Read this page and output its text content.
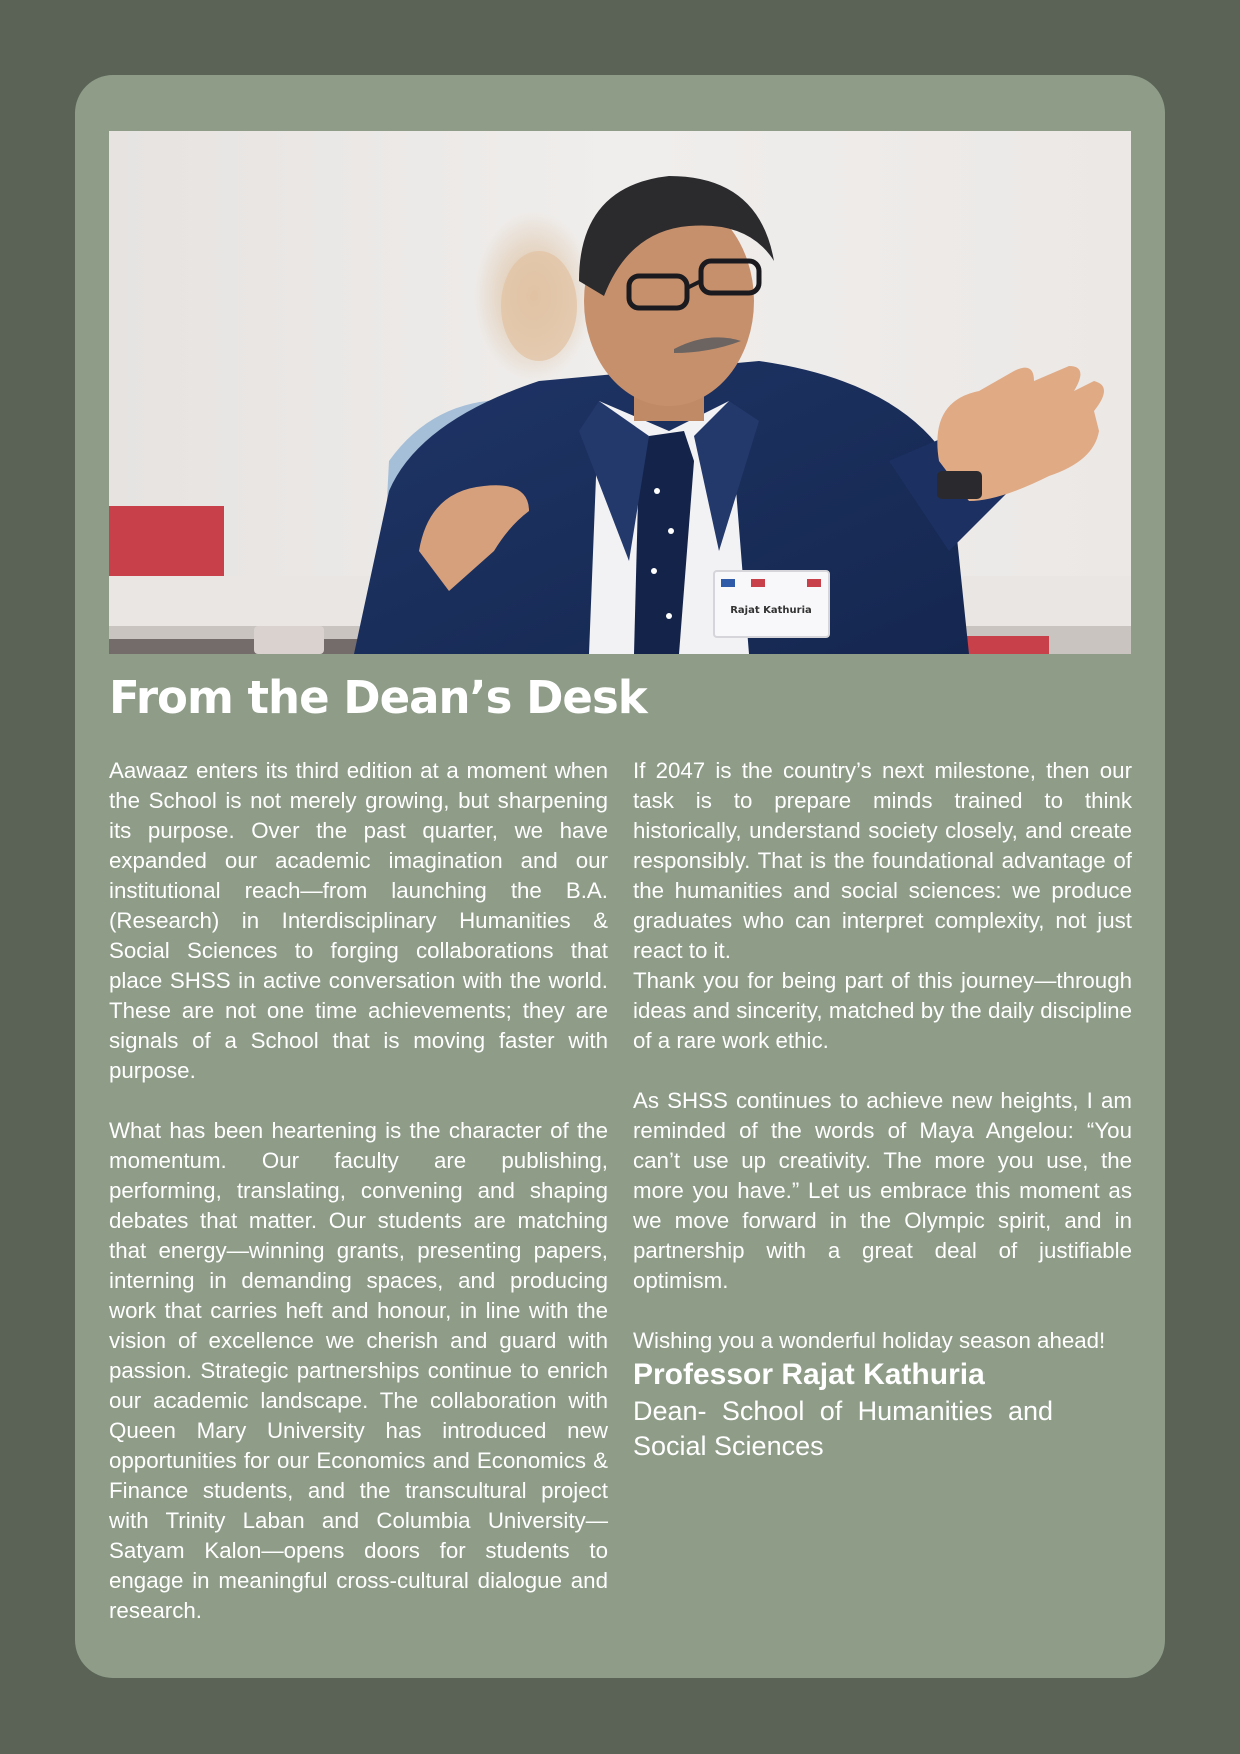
Rajat Kathuria
From the Dean’s Desk

Aawaaz enters its third edition at a moment when the School is not merely growing, but sharpening its purpose. Over the past quarter, we have expanded our academic imagination and our institutional reach—from launching the B.A. (Research) in Interdisciplinary Humanities & Social Sciences to forging collaborations that place SHSS in active conversation with the world. These are not one time achievements; they are signals of a School that is moving faster with purpose.

What has been heartening is the character of the momentum. Our faculty are publishing, performing, translating, convening and shaping debates that matter. Our students are matching that energy—winning grants, presenting papers, interning in demanding spaces, and producing work that carries heft and honour, in line with the vision of excellence we cherish and guard with passion. Strategic partnerships continue to enrich our academic landscape. The collaboration with Queen Mary University has introduced new opportunities for our Economics and Economics & Finance students, and the transcultural project with Trinity Laban and Columbia University—Satyam Kalon—opens doors for students to engage in meaningful cross-cultural dialogue and research.

If 2047 is the country’s next milestone, then our task is to prepare minds trained to think historically, understand society closely, and create responsibly. That is the foundational advantage of the humanities and social sciences: we produce graduates who can interpret complexity, not just react to it.

Thank you for being part of this journey—through ideas and sincerity, matched by the daily discipline of a rare work ethic.

As SHSS continues to achieve new heights, I am reminded of the words of Maya Angelou: “You can’t use up creativity. The more you use, the more you have.” Let us embrace this moment as we move forward in the Olympic spirit, and in partnership with a great deal of justifiable optimism.

Wishing you a wonderful holiday season ahead!

Professor Rajat Kathuria

Dean- School of Humanities and Social Sciences
